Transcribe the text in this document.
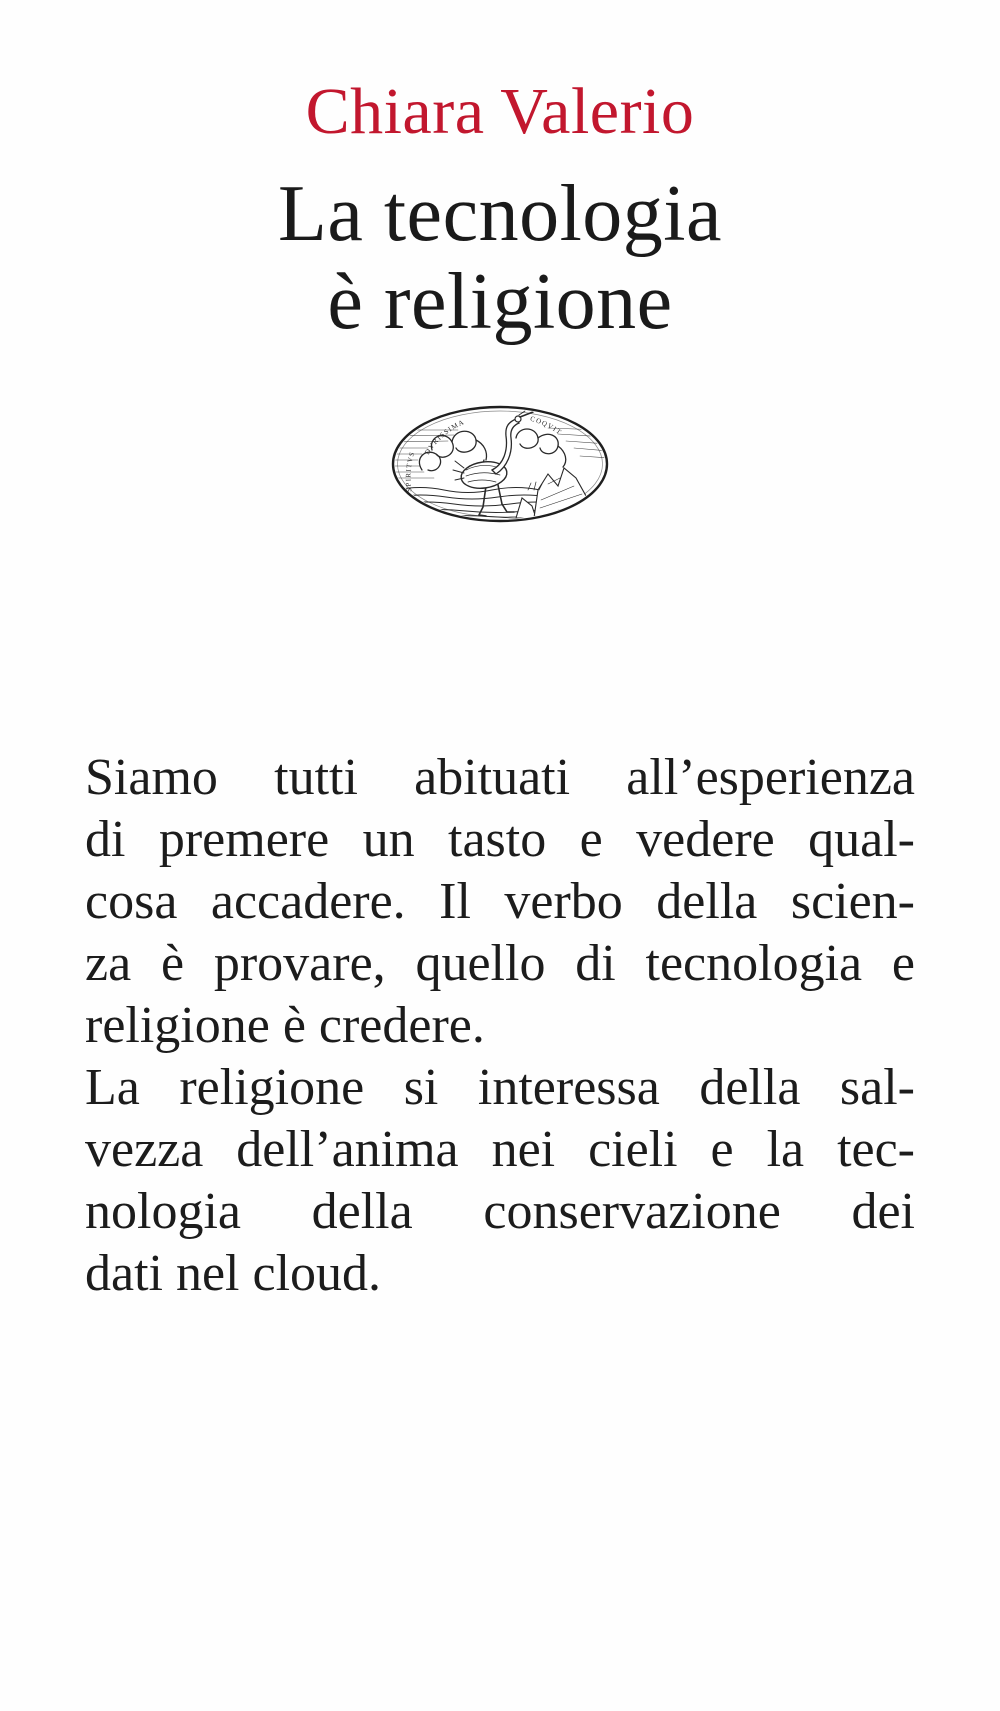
Chiara Valerio
La tecnologia
è religione
SPIRITVS DVRISSIMA	COQVIT
Siamo tutti abituati all’esperienza
di premere un tasto e vedere qual-
cosa accadere. Il verbo della scien-
za è provare, quello di tecnologia e
religione è credere.
La religione si interessa della sal-
vezza dell’anima nei cieli e la tec-
nologia della conservazione dei
dati nel cloud.
